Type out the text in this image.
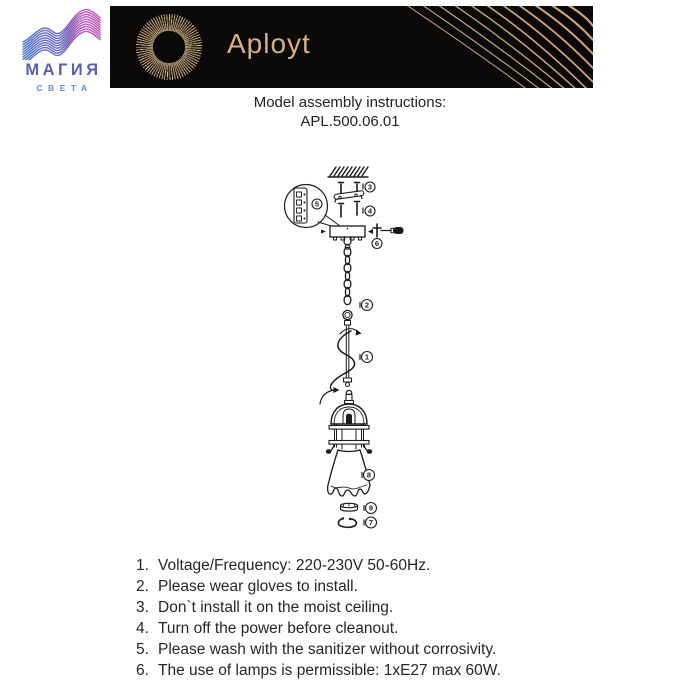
МАГИЯ
СВЕТА
Aployt
Model assembly instructions:
APL.500.06.01
3
4
5
6
2
1
8
9
7
1. Voltage/Frequency: 220-230V 50-60Hz.
2. Please wear gloves to install.
3. Don`t install it on the moist ceiling.
4. Turn off the power before cleanout.
5. Please wash with the sanitizer without corrosivity.
6. The use of lamps is permissible: 1xE27 max 60W.
